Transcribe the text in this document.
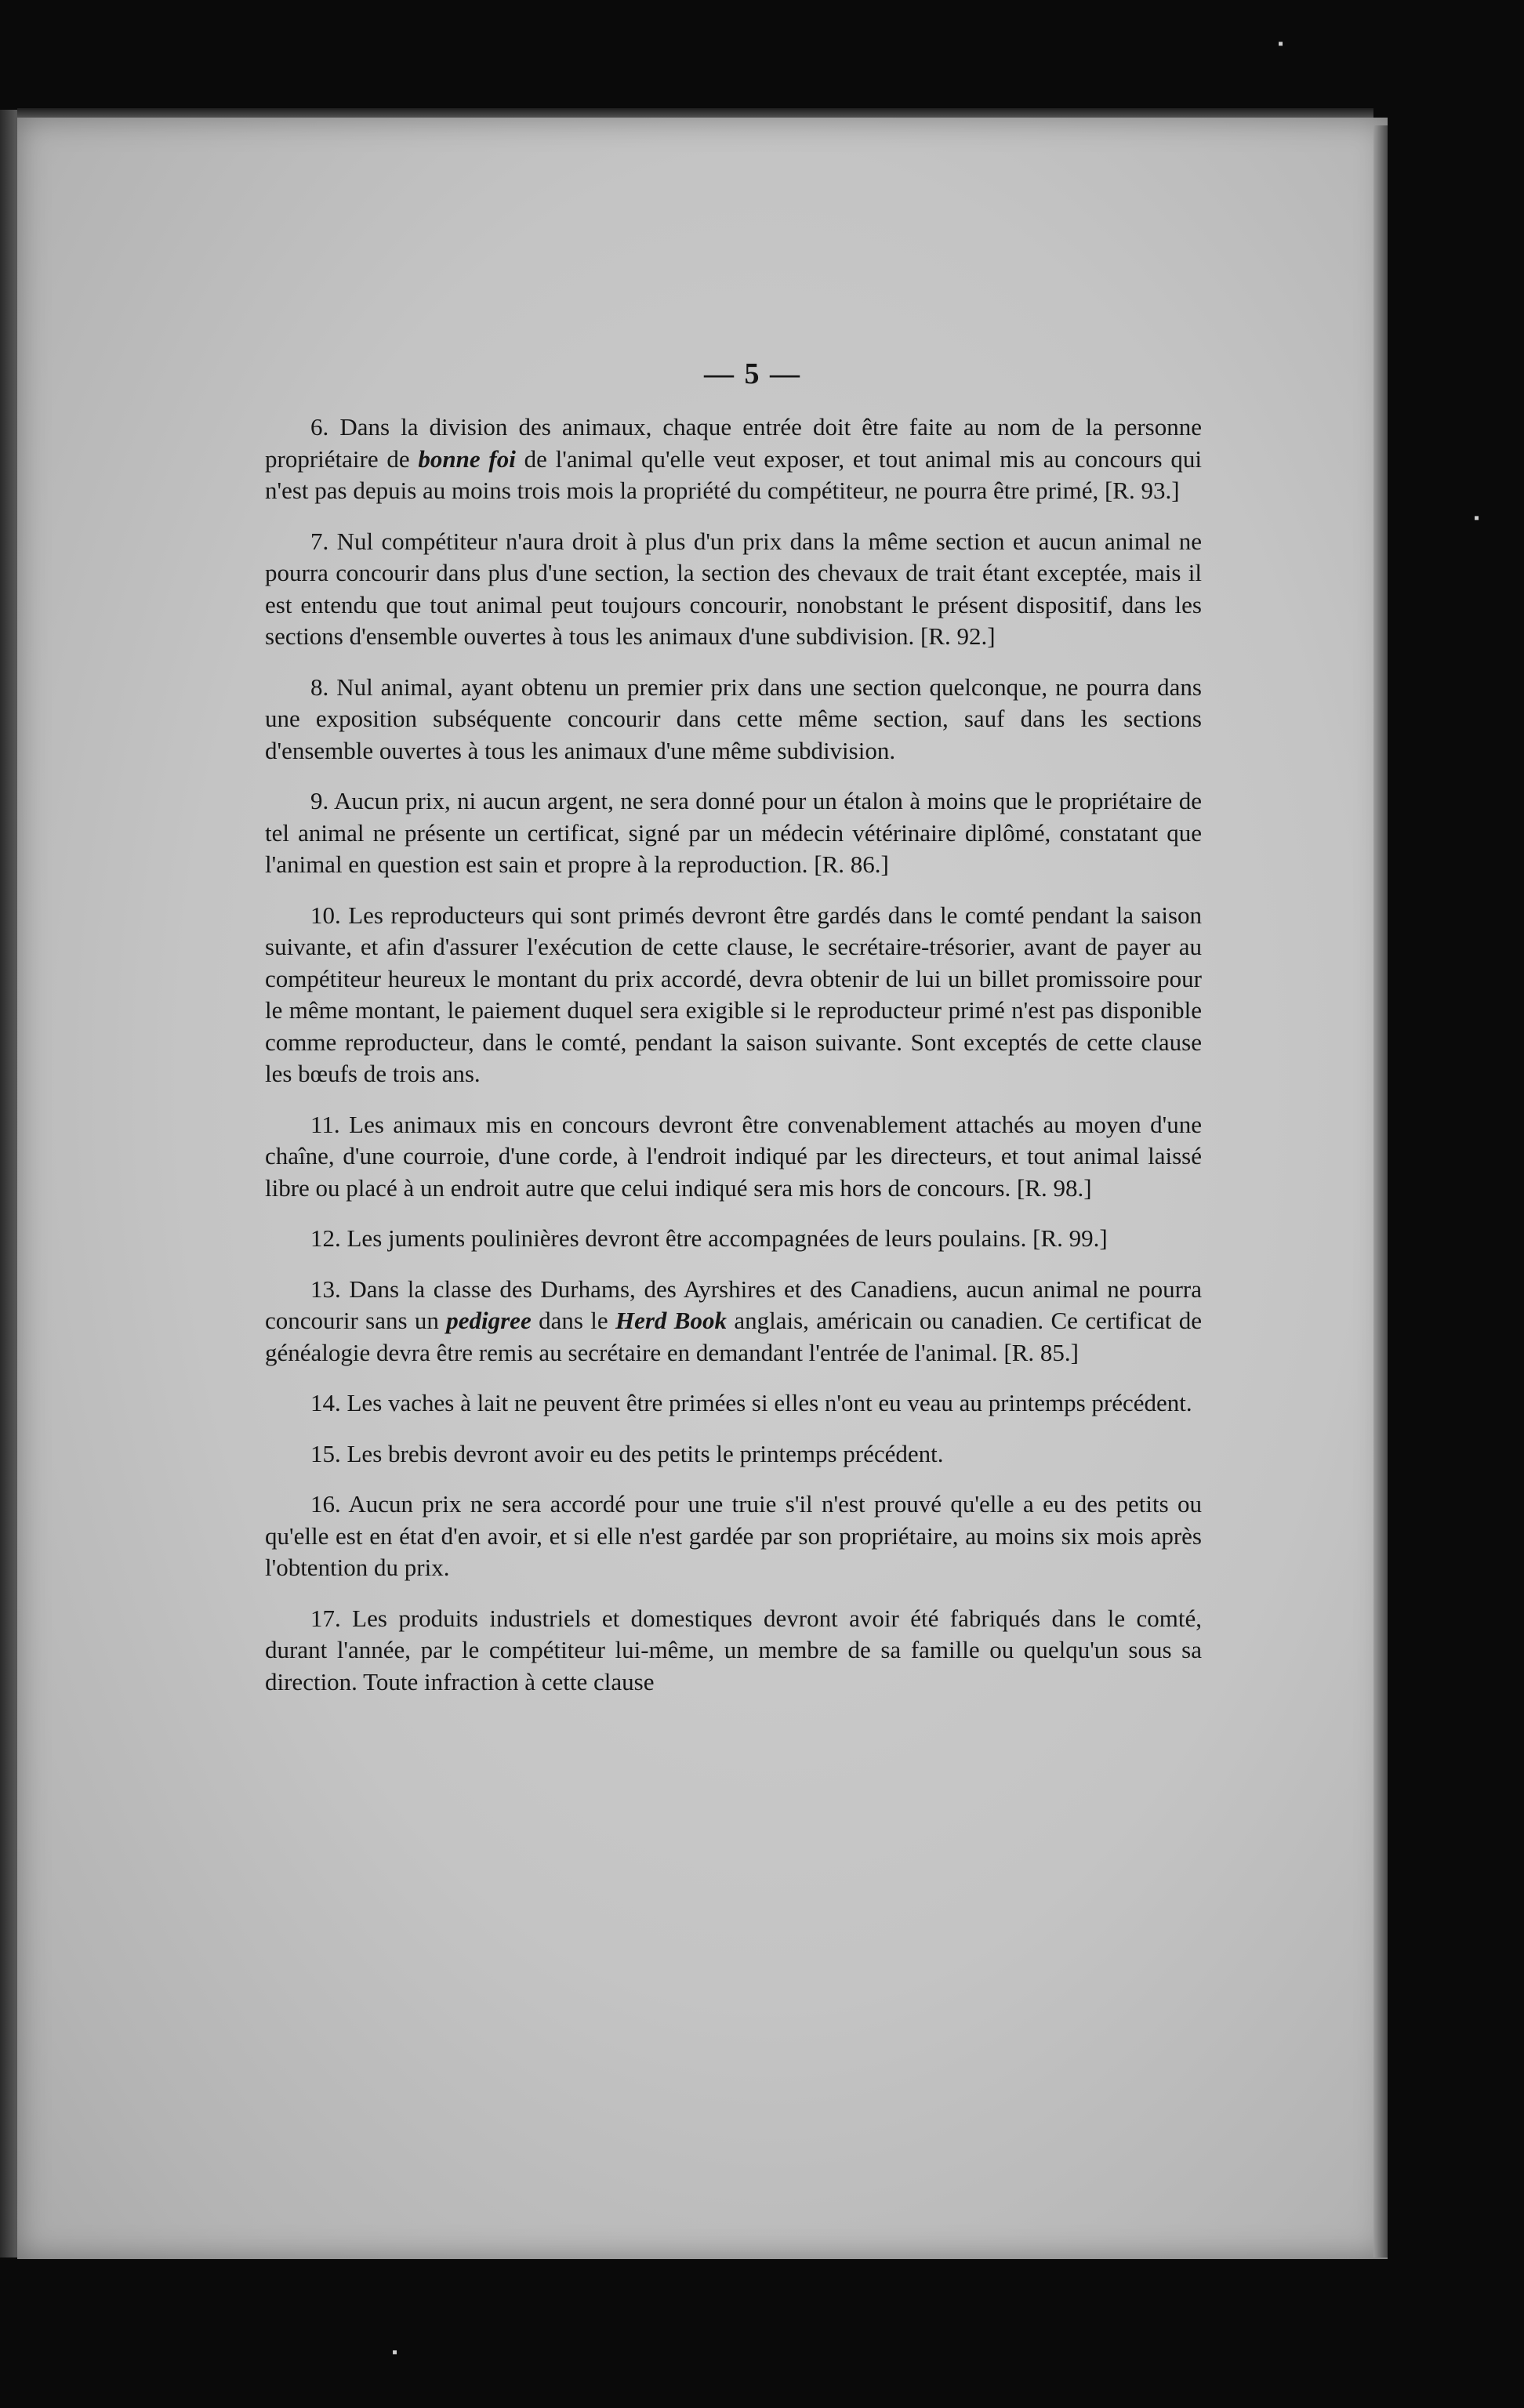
— 5 —

6. Dans la division des animaux, chaque entrée doit être faite au nom de la personne propriétaire de bonne foi de l'animal qu'elle veut exposer, et tout animal mis au concours qui n'est pas depuis au moins trois mois la propriété du compétiteur, ne pourra être primé, [R. 93.]

7. Nul compétiteur n'aura droit à plus d'un prix dans la même section et aucun animal ne pourra concourir dans plus d'une section, la section des chevaux de trait étant exceptée, mais il est entendu que tout animal peut toujours concourir, nonobstant le présent dispositif, dans les sections d'ensemble ouvertes à tous les animaux d'une subdivision. [R. 92.]

8. Nul animal, ayant obtenu un premier prix dans une section quelconque, ne pourra dans une exposition subséquente concourir dans cette même section, sauf dans les sections d'ensemble ouvertes à tous les animaux d'une même subdivision.

9. Aucun prix, ni aucun argent, ne sera donné pour un étalon à moins que le propriétaire de tel animal ne présente un certificat, signé par un médecin vétérinaire diplômé, constatant que l'animal en question est sain et propre à la reproduction. [R. 86.]

10. Les reproducteurs qui sont primés devront être gardés dans le comté pendant la saison suivante, et afin d'assurer l'exécution de cette clause, le secrétaire-trésorier, avant de payer au compétiteur heureux le montant du prix accordé, devra obtenir de lui un billet promissoire pour le même montant, le paiement duquel sera exigible si le reproducteur primé n'est pas disponible comme reproducteur, dans le comté, pendant la saison suivante. Sont exceptés de cette clause les bœufs de trois ans.

11. Les animaux mis en concours devront être convenablement attachés au moyen d'une chaîne, d'une courroie, d'une corde, à l'endroit indiqué par les directeurs, et tout animal laissé libre ou placé à un endroit autre que celui indiqué sera mis hors de concours. [R. 98.]

12. Les juments poulinières devront être accompagnées de leurs poulains. [R. 99.]

13. Dans la classe des Durhams, des Ayrshires et des Canadiens, aucun animal ne pourra concourir sans un pedigree dans le Herd Book anglais, américain ou canadien. Ce certificat de généalogie devra être remis au secrétaire en demandant l'entrée de l'animal. [R. 85.]

14. Les vaches à lait ne peuvent être primées si elles n'ont eu veau au printemps précédent.

15. Les brebis devront avoir eu des petits le printemps précédent.

16. Aucun prix ne sera accordé pour une truie s'il n'est prouvé qu'elle a eu des petits ou qu'elle est en état d'en avoir, et si elle n'est gardée par son propriétaire, au moins six mois après l'obtention du prix.

17. Les produits industriels et domestiques devront avoir été fabriqués dans le comté, durant l'année, par le compétiteur lui-même, un membre de sa famille ou quelqu'un sous sa direction. Toute infraction à cette clause

▪
▪
▪
